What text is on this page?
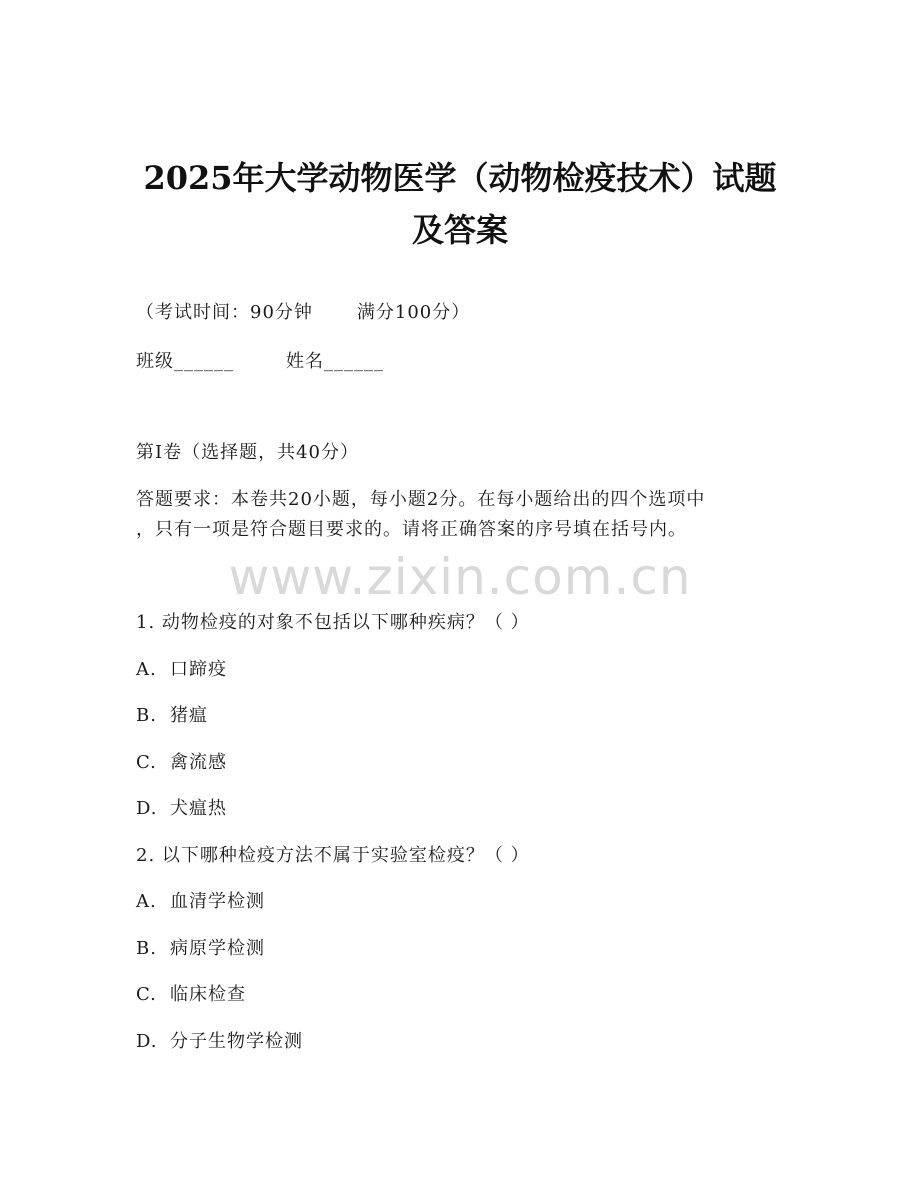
2025年大学动物医学（动物检疫技术）试题
及答案
（考试时间：90分钟 满分100分）
班级______	姓名______
第Ⅰ卷（选择题，共40分）
答题要求：本卷共20小题，每小题2分。在每小题给出的四个选项中
，只有一项是符合题目要求的。请将正确答案的序号填在括号内。
www.zixin.com.cn
1. 动物检疫的对象不包括以下哪种疾病？（ ）
A. 口蹄疫
B. 猪瘟
C. 禽流感
D. 犬瘟热
2. 以下哪种检疫方法不属于实验室检疫？（ ）
A. 血清学检测
B. 病原学检测
C. 临床检查
D. 分子生物学检测
